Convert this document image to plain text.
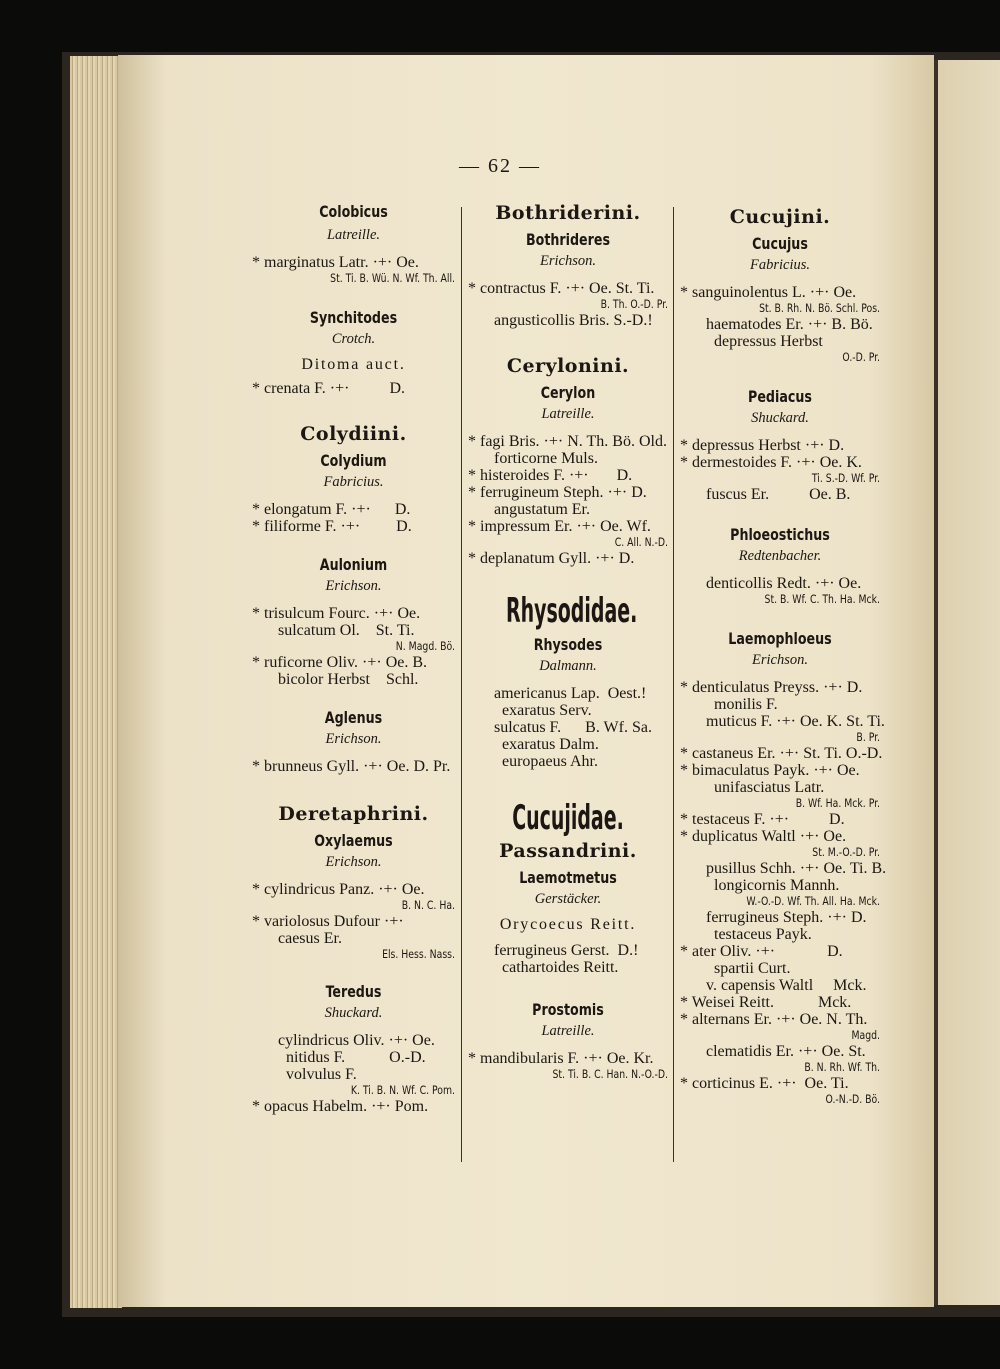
— 62 —
Colobicus
Latreille.
* marginatus Latr. ·+· Oe.
St. Ti. B. Wü. N. Wf. Th. All.
Synchitodes
Crotch.
Ditoma auct.
* crenata F. ·+·          D.
Colydiini.
Colydium
Fabricius.
* elongatum F. ·+·      D.
* filiforme F. ·+·         D.
Aulonium
Erichson.
* trisulcum Fourc. ·+· Oe.
sulcatum Ol.    St. Ti.
N. Magd. Bö.
* ruficorne Oliv. ·+· Oe. B.
bicolor Herbst    Schl.
Aglenus
Erichson.
* brunneus Gyll. ·+· Oe. D. Pr.
Deretaphrini.
Oxylaemus
Erichson.
* cylindricus Panz. ·+· Oe.
B. N. C. Ha.
* variolosus Dufour ·+·
caesus Er.
Els. Hess. Nass.
Teredus
Shuckard.
cylindricus Oliv. ·+· Oe.
nitidus F.           O.-D.
volvulus F.
K. Ti. B. N. Wf. C. Pom.
* opacus Habelm. ·+· Pom.
Bothriderini.
Bothrideres
Erichson.
* contractus F. ·+· Oe. St. Ti.
B. Th. O.-D. Pr.
angusticollis Bris. S.-D.!
Cerylonini.
Cerylon
Latreille.
* fagi Bris. ·+· N. Th. Bö. Old.
forticorne Muls.
* histeroides F. ·+·       D.
* ferrugineum Steph. ·+· D.
angustatum Er.
* impressum Er. ·+· Oe. Wf.
C. All. N.-D.
* deplanatum Gyll. ·+· D.
Rhysodidae.
Rhysodes
Dalmann.
americanus Lap.  Oest.!
exaratus Serv.
sulcatus F.      B. Wf. Sa.
exaratus Dalm.
europaeus Ahr.
Cucujidae.
Passandrini.
Laemotmetus
Gerstäcker.
Orycoecus Reitt.
ferrugineus Gerst.  D.!
cathartoides Reitt.
Prostomis
Latreille.
* mandibularis F. ·+· Oe. Kr.
St. Ti. B. C. Han. N.-O.-D.
Cucujini.
Cucujus
Fabricius.
* sanguinolentus L. ·+· Oe.
St. B. Rh. N. Bö. Schl. Pos.
haematodes Er. ·+· B. Bö.
depressus Herbst
O.-D. Pr.
Pediacus
Shuckard.
* depressus Herbst ·+· D.
* dermestoides F. ·+· Oe. K.
Ti. S.-D. Wf. Pr.
fuscus Er.          Oe. B.
Phloeostichus
Redtenbacher.
denticollis Redt. ·+· Oe.
St. B. Wf. C. Th. Ha. Mck.
Laemophloeus
Erichson.
* denticulatus Preyss. ·+· D.
monilis F.
muticus F. ·+· Oe. K. St. Ti.
B. Pr.
* castaneus Er. ·+· St. Ti. O.-D.
* bimaculatus Payk. ·+· Oe.
unifasciatus Latr.
B. Wf. Ha. Mck. Pr.
* testaceus F. ·+·          D.
* duplicatus Waltl ·+· Oe.
St. M.-O.-D. Pr.
pusillus Schh. ·+· Oe. Ti. B.
longicornis Mannh.
W.-O.-D. Wf. Th. All. Ha. Mck.
ferrugineus Steph. ·+· D.
testaceus Payk.
* ater Oliv. ·+·             D.
spartii Curt.
v. capensis Waltl     Mck.
* Weisei Reitt.           Mck.
* alternans Er. ·+· Oe. N. Th.
Magd.
clematidis Er. ·+· Oe. St.
B. N. Rh. Wf. Th.
* corticinus E. ·+·  Oe. Ti.
O.-N.-D. Bö.
